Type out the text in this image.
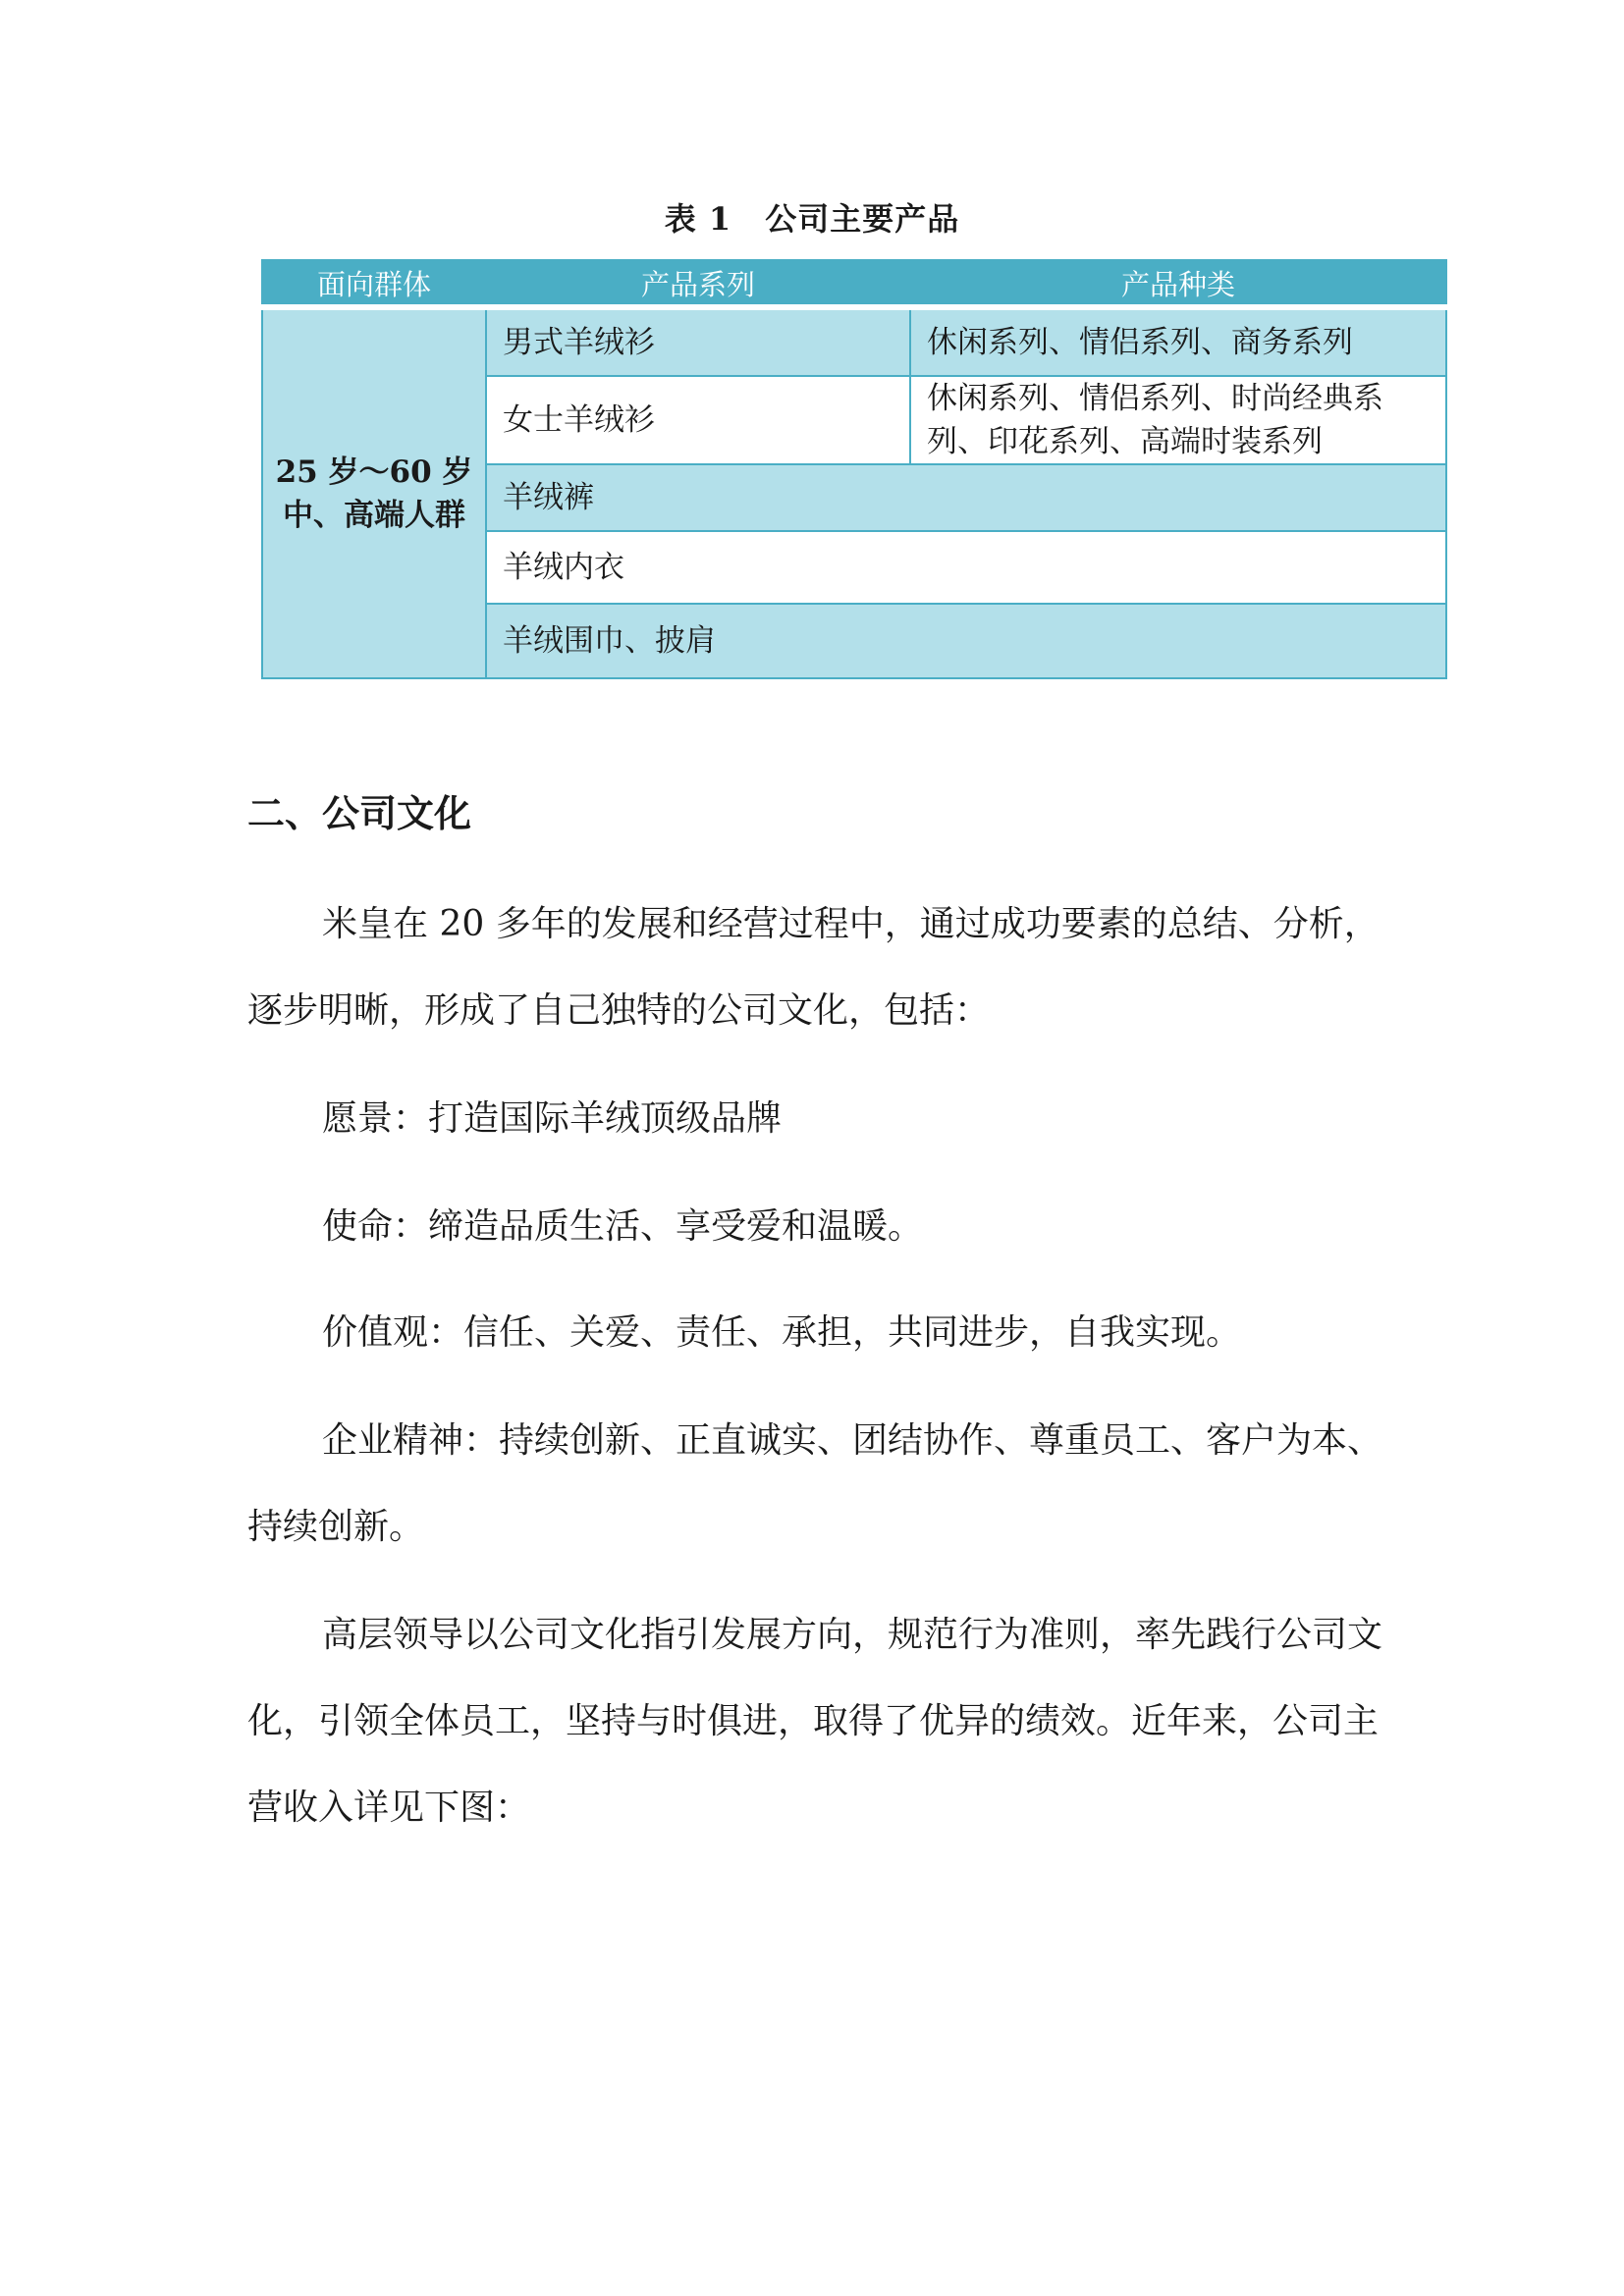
表 1 公司主要产品
面向群体	产品系列	产品种类

25 岁～60 岁
中、高端人群	男式羊绒衫	休闲系列、情侣系列、商务系列
	女士羊绒衫	休闲系列、情侣系列、时尚经典系列、印花系列、高端时装系列
	羊绒裤	
	羊绒内衣	
	羊绒围巾、披肩	
二、公司文化

米皇在 20 多年的发展和经营过程中，通过成功要素的总结、分析，逐步明晰，形成了自己独特的公司文化，包括：

愿景：打造国际羊绒顶级品牌

使命：缔造品质生活、享受爱和温暖。

价值观：信任、关爱、责任、承担，共同进步，自我实现。

企业精神：持续创新、正直诚实、团结协作、尊重员工、客户为本、持续创新。

高层领导以公司文化指引发展方向，规范行为准则，率先践行公司文化，引领全体员工，坚持与时俱进，取得了优异的绩效。近年来，公司主营收入详见下图：
